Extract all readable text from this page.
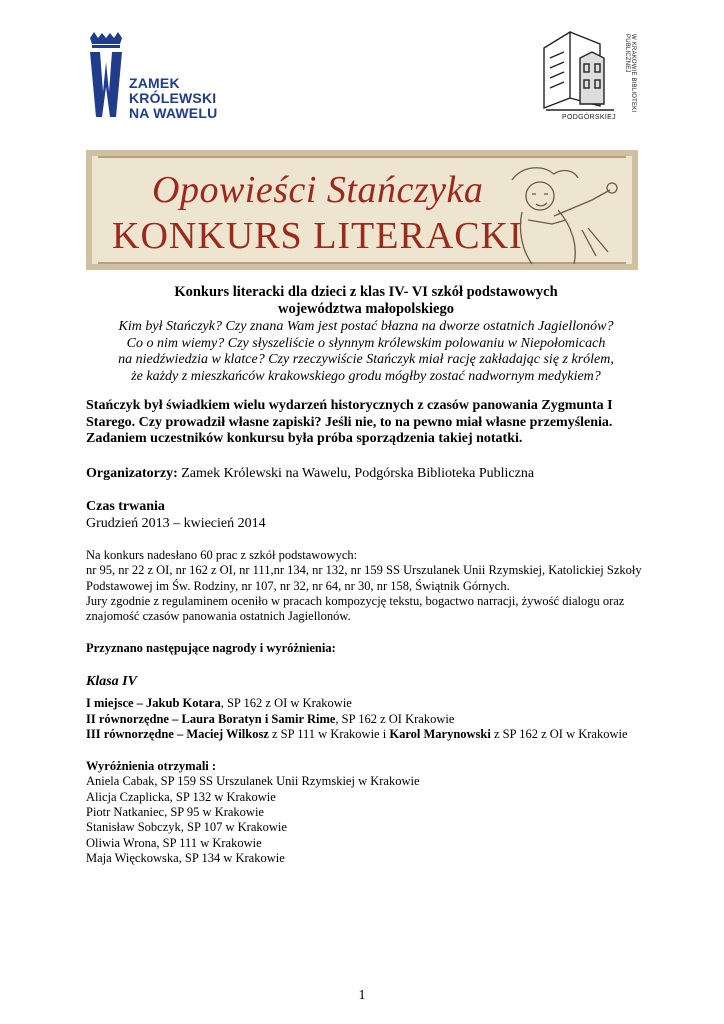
ZAMEK
KRÓLEWSKI
NA WAWELU
W KRAKOWIE BIBLIOTEKI PUBLICZNEJ
PODGÓRSKIEJ
Opowieści Stańczyka
KONKURS LITERACKI
Konkurs literacki dla dzieci z klas IV- VI szkół podstawowych
województwa małopolskiego
Kim był Stańczyk? Czy znana Wam jest postać błazna na dworze ostatnich Jagiellonów?
Co o nim wiemy? Czy słyszeliście o słynnym królewskim polowaniu w Niepołomicach
na niedźwiedzia w klatce? Czy rzeczywiście Stańczyk miał rację zakładając się z królem,
że każdy z mieszkańców krakowskiego grodu mógłby zostać nadwornym medykiem?
Stańczyk był świadkiem wielu wydarzeń historycznych z czasów panowania Zygmunta I Starego. Czy prowadził własne zapiski? Jeśli nie, to na pewno miał własne przemyślenia. Zadaniem uczestników konkursu była próba sporządzenia takiej notatki.
Organizatorzy: Zamek Królewski na Wawelu, Podgórska Biblioteka Publiczna
Czas trwania
Grudzień 2013 – kwiecień 2014
Na konkurs nadesłano 60 prac z szkół podstawowych:
nr 95, nr 22 z OI, nr 162 z OI, nr 111,nr 134, nr 132, nr 159 SS Urszulanek Unii Rzymskiej, Katolickiej Szkoły Podstawowej im Św. Rodziny, nr 107, nr 32, nr 64, nr 30, nr 158, Świątnik Górnych.
Jury zgodnie z regulaminem oceniło w pracach kompozycję tekstu, bogactwo narracji, żywość dialogu oraz znajomość czasów panowania ostatnich Jagiellonów.
Przyznano następujące nagrody i wyróżnienia:
Klasa IV
I miejsce – Jakub Kotara, SP 162 z OI w Krakowie
II równorzędne – Laura Boratyn i Samir Rime, SP 162 z OI Krakowie
III równorzędne – Maciej Wilkosz z SP 111 w Krakowie i Karol Marynowski z SP 162 z OI w Krakowie
Wyróżnienia otrzymali :
Aniela Cabak, SP 159 SS Urszulanek Unii Rzymskiej w Krakowie
Alicja Czaplicka, SP 132 w Krakowie
Piotr Natkaniec, SP 95 w Krakowie
Stanisław Sobczyk, SP 107 w Krakowie
Oliwia Wrona, SP 111 w Krakowie
Maja Więckowska, SP 134 w Krakowie
1
